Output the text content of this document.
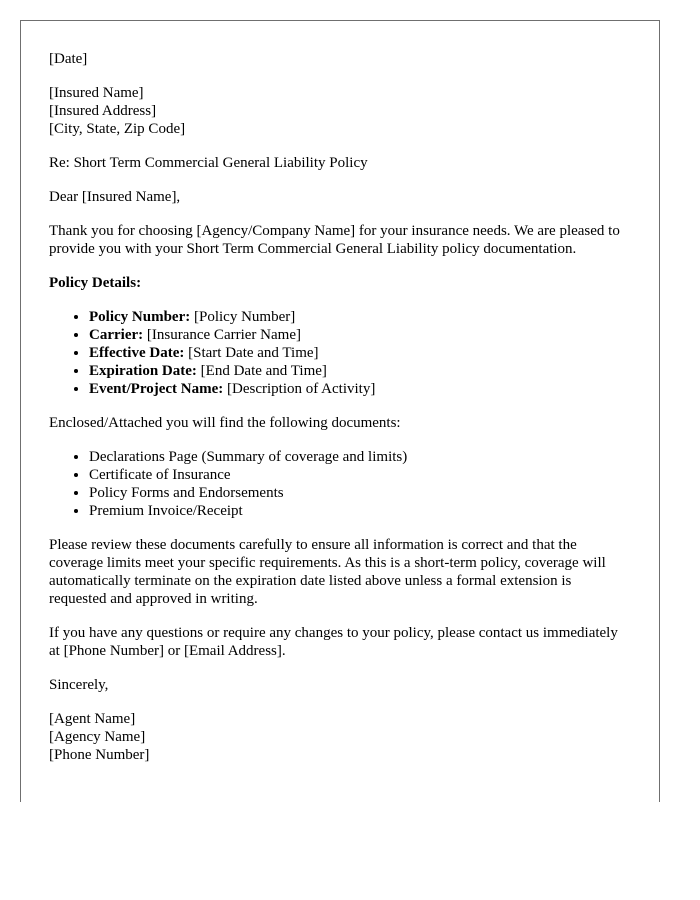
[Date]

[Insured Name]
[Insured Address]
[City, State, Zip Code]

Re: Short Term Commercial General Liability Policy

Dear [Insured Name],

Thank you for choosing [Agency/Company Name] for your insurance needs. We are pleased to provide you with your Short Term Commercial General Liability policy documentation.

Policy Details:

• Policy Number: [Policy Number]
• Carrier: [Insurance Carrier Name]
• Effective Date: [Start Date and Time]
• Expiration Date: [End Date and Time]
• Event/Project Name: [Description of Activity]

Enclosed/Attached you will find the following documents:

• Declarations Page (Summary of coverage and limits)
• Certificate of Insurance
• Policy Forms and Endorsements
• Premium Invoice/Receipt

Please review these documents carefully to ensure all information is correct and that the coverage limits meet your specific requirements. As this is a short-term policy, coverage will automatically terminate on the expiration date listed above unless a formal extension is requested and approved in writing.

If you have any questions or require any changes to your policy, please contact us immediately at [Phone Number] or [Email Address].

Sincerely,

[Agent Name]
[Agency Name]
[Phone Number]
